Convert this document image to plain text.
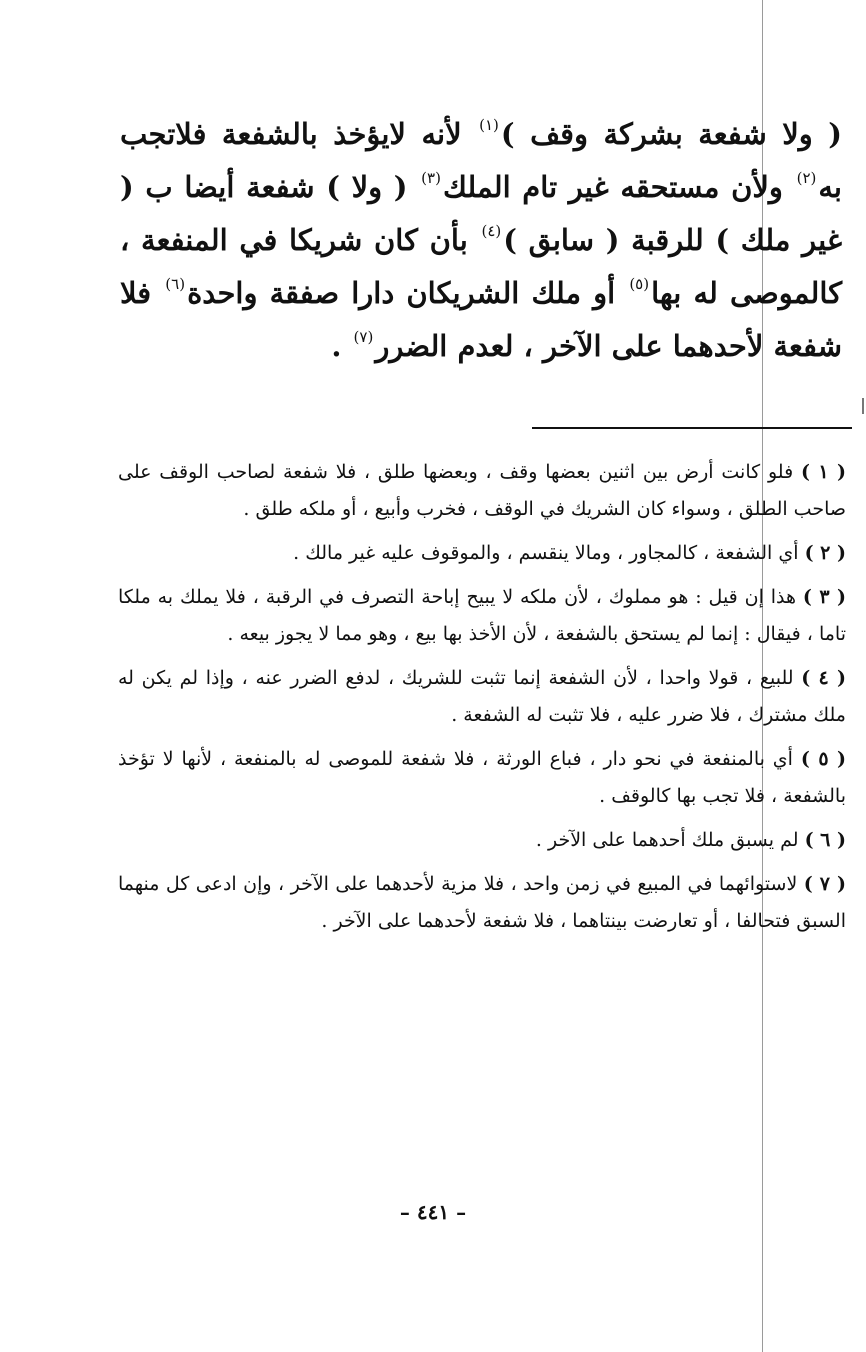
( ولا شفعة بشركة وقف )$^{(١)}$ لأنه لايؤخذ بالشفعة فلاتجب به$^{(٢)}$ ولأن مستحقه غير تام الملك$^{(٣)}$ ( ولا ) شفعة أيضا ب ( غير ملك ) للرقبة ( سابق )$^{(٤)}$ بأن كان شريكا في المنفعة ، كالموصى له بها$^{(٥)}$ أو ملك الشريكان دارا صفقة واحدة$^{(٦)}$ فلا شفعة لأحدهما على الآخر ، لعدم الضرر$^{(٧)}$ .

( ١ ) فلو كانت أرض بين اثنين بعضها وقف ، وبعضها طلق ، فلا شفعة لصاحب الوقف على صاحب الطلق ، وسواء كان الشريك في الوقف ، فخرب وأبيع ، أو ملكه طلق .

( ٢ ) أي الشفعة ، كالمجاور ، ومالا ينقسم ، والموقوف عليه غير مالك .

( ٣ ) هذا إن قيل : هو مملوك ، لأن ملكه لا يبيح إباحة التصرف في الرقبة ، فلا يملك به ملكا تاما ، فيقال : إنما لم يستحق بالشفعة ، لأن الأخذ بها بيع ، وهو مما لا يجوز بيعه .

( ٤ ) للبيع ، قولا واحدا ، لأن الشفعة إنما تثبت للشريك ، لدفع الضرر عنه ، وإذا لم يكن له ملك مشترك ، فلا ضرر عليه ، فلا تثبت له الشفعة .

( ٥ ) أي بالمنفعة في نحو دار ، فباع الورثة ، فلا شفعة للموصى له بالمنفعة ، لأنها لا تؤخذ بالشفعة ، فلا تجب بها كالوقف .

( ٦ ) لم يسبق ملك أحدهما على الآخر .

( ٧ ) لاستوائهما في المبيع في زمن واحد ، فلا مزية لأحدهما على الآخر ، وإن ادعى كل منهما السبق فتحالفا ، أو تعارضت بينتاهما ، فلا شفعة لأحدهما على الآخر .

– ٤٤١ –
